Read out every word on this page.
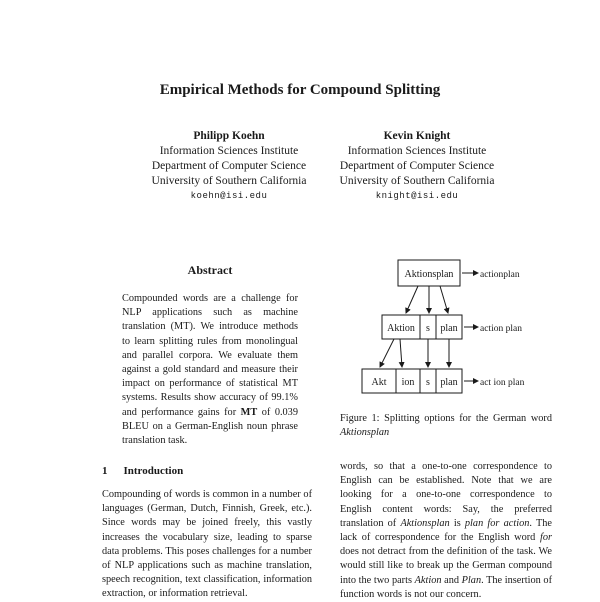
Empirical Methods for Compound Splitting
Philipp Koehn
Information Sciences Institute
Department of Computer Science
University of Southern California
koehn@isi.edu
Kevin Knight
Information Sciences Institute
Department of Computer Science
University of Southern California
knight@isi.edu
Abstract
Compounded words are a challenge for NLP applications such as machine translation (MT). We introduce methods to learn splitting rules from monolingual and parallel corpora. We evaluate them against a gold standard and measure their impact on performance of statistical MT systems. Results show accuracy of 99.1% and performance gains for MT of 0.039 BLEU on a German-English noun phrase translation task.
1 Introduction
Compounding of words is common in a number of languages (German, Dutch, Finnish, Greek, etc.). Since words may be joined freely, this vastly increases the vocabulary size, leading to sparse data problems. This poses challenges for a number of NLP applications such as machine translation, speech recognition, text classification, information extraction, or information retrieval.
Aktionsplan	actionplan
Aktion s plan action plan
Akt ion s plan act ion plan
Figure 1: Splitting options for the German word Aktionsplan
words, so that a one-to-one correspondence to English can be established. Note that we are looking for a one-to-one correspondence to English content words: Say, the preferred translation of Aktionsplan is plan for action. The lack of correspondence for the English word for does not detract from the definition of the task. We would still like to break up the German compound into the two parts Aktion and Plan. The insertion of function words is not our concern.
